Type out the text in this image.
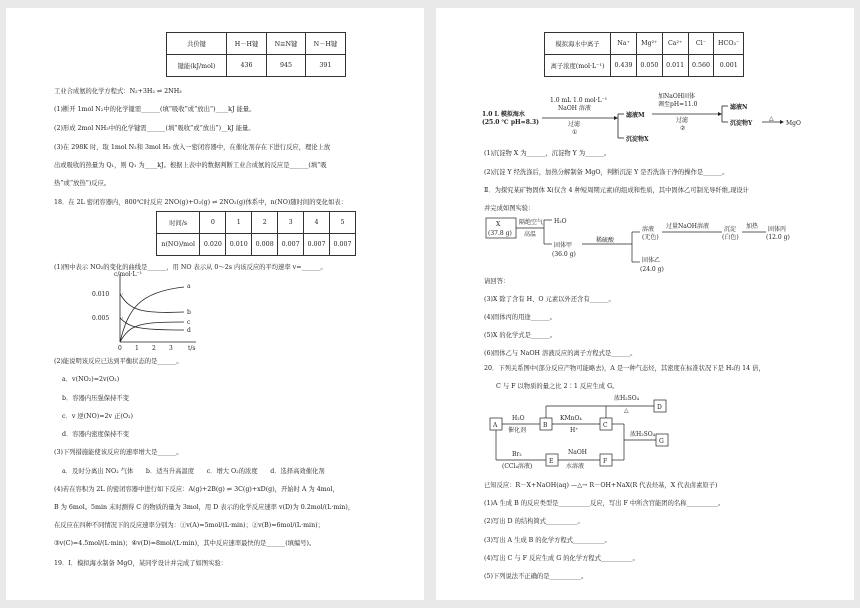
共价键	H－H键	N≡N键	N－H键
键能(kJ/mol)	436	945	391
工业合成氨的化学方程式：N₂+3H₂ ⇌ 2NH₃
(1)断开 1mol N₂中的化学键需______(填“吸收”或“放出”)____kJ 能量。
(2)形成 2mol NH₃中的化学键需______(填“吸收”或“放出”)__kJ 能量。
(3)在 298K 时，取 1mol N₂和 3mol H₂ 放入一密闭容器中，在催化剂存在下进行反应，理论上放
出或吸收的热量为 Q₁，则 Q₁ 为____kJ。根据上表中的数据判断工业合成氨的反应是______(填“吸
热”或“放热”)反应。
18．在 2L 密闭容器内，800℃时反应 2NO(g)+O₂(g) ⇌ 2NO₂(g)体系中，n(NO)随时间的变化如表：
时间/s	0	1	2	3	4	5
n(NO)/mol	0.020	0.010	0.008	0.007	0.007	0.007
c/mol·L⁻¹
t/s
0.010
0.005
0 1 2 3
a
b
c
d
(1)图中表示 NO₂的变化的曲线是______，用 NO 表示从 0～2s 内该反应的平均速率 v=______。
(2)能说明该反应已达到平衡状态的是______。
a．v(NO₂)=2v(O₂)
b．容器内压强保持不变
c．v 逆(NO)=2v 正(O₂)
d．容器内密度保持不变
(3)下列措施能使该反应的速率增大是______。
a．及时分离出 NO₂ 气体　　b．适当升高温度　　c．增大 O₂的浓度　　d．选择高效催化剂
(4)若在容积为 2L 的密闭容器中进行如下反应：A(g)+2B(g) ⇌ 3C(g)+xD(g)，开始时 A 为 4mol，
B 为 6mol。5min 末时测得 C 的物质的量为 3mol，用 D 表示的化学反应速率 v(D)为 0.2mol/(L·min)，
在反应在四种不同情况下的反应速率分别为：①v(A)=5mol/(L·min)；②v(B)=6mol/(L·min)；
③v(C)=4.5mol/(L·min)；④v(D)=8mol/(L·min)，其中反应速率最快的是______(填编号)。
19．Ⅰ．模拟海水制备 MgO，某同学设计并完成了如图实验：
模拟海水中离子	Na⁺	Mg²⁺	Ca²⁺	Cl⁻	HCO₃⁻
离子浓度(mol·L⁻¹)	0.439	0.050	0.011	0.560	0.001
1.0 L 模拟海水
(25.0 ℃ pH=8.3)
1.0 mL 1.0 mol·L⁻¹
NaOH 溶液
过滤
①
滤液M
沉淀物X
加NaOH固体
调至pH=11.0
过滤
②
滤液N
沉淀物Y
△
MgO
(1)沉淀物 X 为______，沉淀物 Y 为______。
(2)沉淀 Y 经洗涤后，加热分解制备 MgO，判断沉淀 Y 是否洗涤干净的操作是______。
Ⅱ．为探究某矿物固体 X(仅含 4 种短周期元素)的组成和性质，其中固体乙可制光导纤维,现设计
并完成如图实验：
X
(37.8 g)
隔绝空气
高温
H₂O
固体甲
(36.0 g)
稀硫酸
溶液
(无色)
过量NaOH溶液	沉淀
(白色)
加热 固体丙
(12.0 g)
固体乙
(24.0 g)
请回答：
(3)X 除了含有 H、O 元素以外还含有______。
(4)固体丙的用途______。
(5)X 的化学式是______。
(6)固体乙与 NaOH 溶液反应的离子方程式是______。
20．下列关系图中(部分反应产物可能略去)，A 是一种气态烃，其密度在标准状况下是 H₂的 14 倍，
C 与 F 以物质的量之比 2∶1 反应生成 G。
A
H₂O
催化剂
B
KMnO₄
H⁺
C
浓H₂SO₄
△	D
浓H₂SO₄
G
Br₂
(CCl₄溶液)
E
NaOH
水溶液
F
已知反应：R－X+NaOH(aq) —△→ R－OH+NaX(R 代表烃基，X 代表卤素原子)
(1)A 生成 B 的反应类型是__________反应，写出 F 中所含官能团的名称__________。
(2)写出 D 的结构简式__________。
(3)写出 A 生成 B 的化学方程式__________。
(4)写出 C 与 F 反应生成 G 的化学方程式__________。
(5)下列说法不正确的是__________。
